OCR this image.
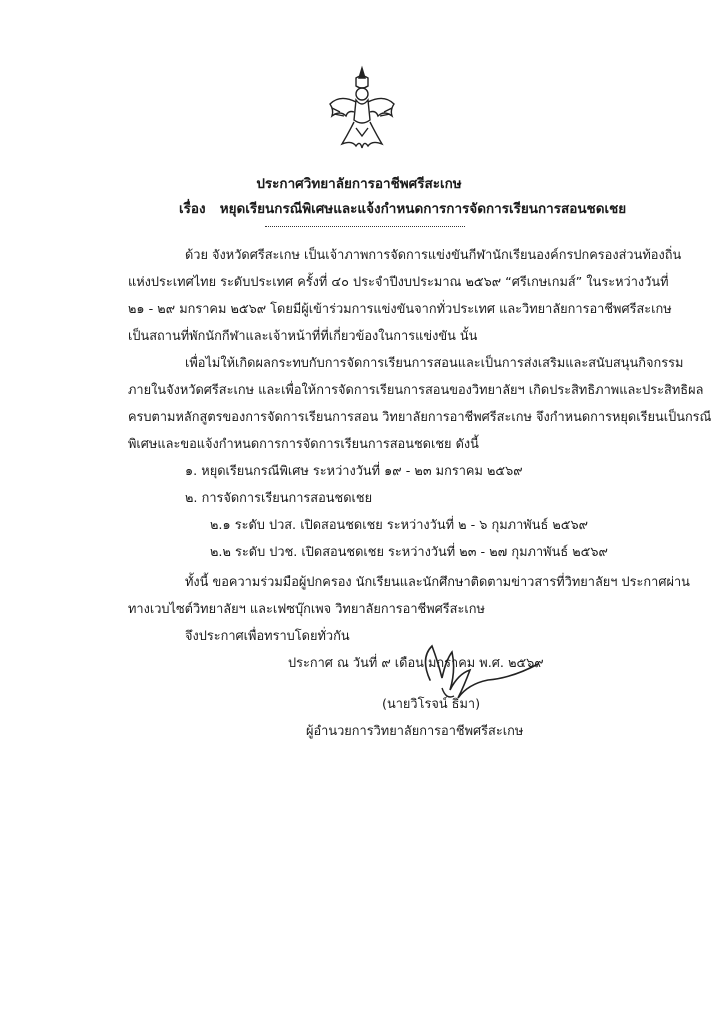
ประกาศวิทยาลัยการอาชีพศรีสะเกษ
เรื่อง หยุดเรียนกรณีพิเศษและแจ้งกำหนดการการจัดการเรียนการสอนชดเชย
ด้วย จังหวัดศรีสะเกษ เป็นเจ้าภาพการจัดการแข่งขันกีฬานักเรียนองค์กรปกครองส่วนท้องถิ่น
แห่งประเทศไทย ระดับประเทศ ครั้งที่ ๔๐ ประจำปีงบประมาณ ๒๕๖๙ “ศรีเกษเกมส์” ในระหว่างวันที่
๒๑ - ๒๙ มกราคม ๒๕๖๙ โดยมีผู้เข้าร่วมการแข่งขันจากทั่วประเทศ และวิทยาลัยการอาชีพศรีสะเกษ
เป็นสถานที่พักนักกีฬาและเจ้าหน้าที่ที่เกี่ยวข้องในการแข่งขัน นั้น
เพื่อไม่ให้เกิดผลกระทบกับการจัดการเรียนการสอนและเป็นการส่งเสริมและสนับสนุนกิจกรรม
ภายในจังหวัดศรีสะเกษ และเพื่อให้การจัดการเรียนการสอนของวิทยาลัยฯ เกิดประสิทธิภาพและประสิทธิผล
ครบตามหลักสูตรของการจัดการเรียนการสอน วิทยาลัยการอาชีพศรีสะเกษ จึงกำหนดการหยุดเรียนเป็นกรณี
พิเศษและขอแจ้งกำหนดการการจัดการเรียนการสอนชดเชย ดังนี้
๑. หยุดเรียนกรณีพิเศษ ระหว่างวันที่ ๑๙ - ๒๓ มกราคม ๒๕๖๙
๒. การจัดการเรียนการสอนชดเชย
๒.๑ ระดับ ปวส. เปิดสอนชดเชย ระหว่างวันที่ ๒ - ๖ กุมภาพันธ์ ๒๕๖๙
๒.๒ ระดับ ปวช. เปิดสอนชดเชย ระหว่างวันที่ ๒๓ - ๒๗ กุมภาพันธ์ ๒๕๖๙
ทั้งนี้ ขอความร่วมมือผู้ปกครอง นักเรียนและนักศึกษาติดตามข่าวสารที่วิทยาลัยฯ ประกาศผ่าน
ทางเวบไซต์วิทยาลัยฯ และเฟซบุ๊กเพจ วิทยาลัยการอาชีพศรีสะเกษ
จึงประกาศเพื่อทราบโดยทั่วกัน
ประกาศ ณ วันที่ ๙ เดือน มกราคม พ.ศ. ๒๕๖๙
(นายวิโรจน์ ธิมา)
ผู้อำนวยการวิทยาลัยการอาชีพศรีสะเกษ
